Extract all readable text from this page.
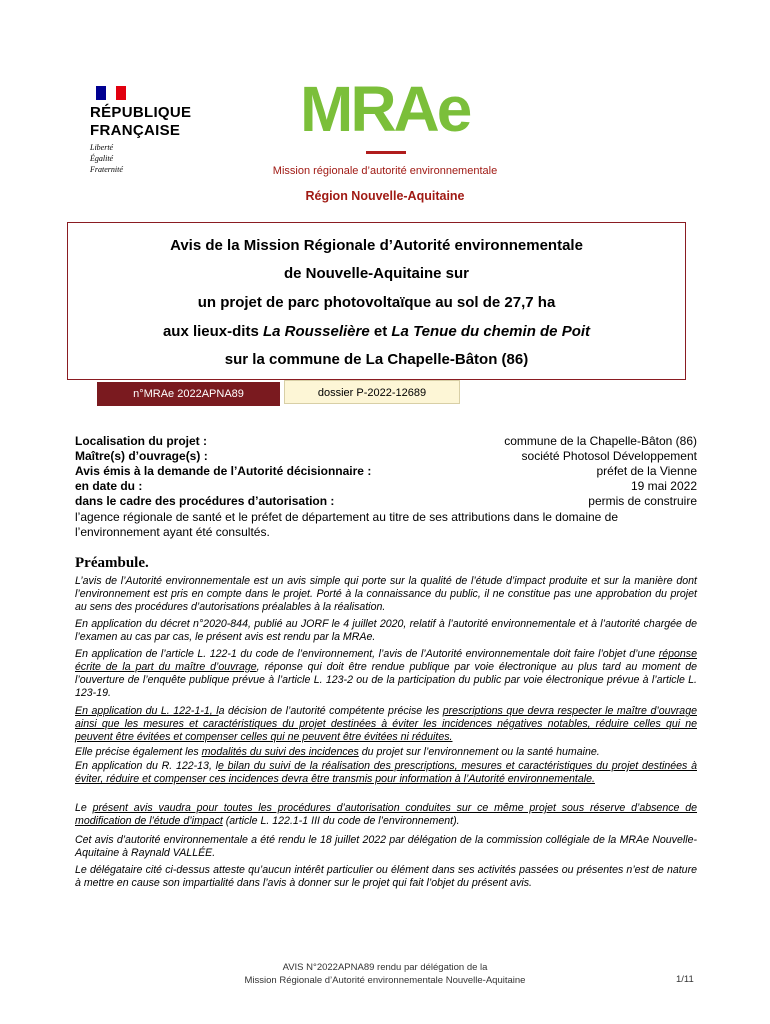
RÉPUBLIQUE
FRANÇAISE
Liberté
Égalité
Fraternité
MRAe
Mission régionale d’autorité environnementale
Région Nouvelle-Aquitaine
Avis de la Mission Régionale d’Autorité environnementale
de Nouvelle-Aquitaine sur
un projet de parc photovoltaïque au sol de 27,7 ha
aux lieux-dits La Rousselière et La Tenue du chemin de Poit
sur la commune de La Chapelle-Bâton (86)
n°MRAe 2022APNA89	dossier P-2022-12689
Localisation du projet :	commune de la Chapelle-Bâton (86)
Maître(s) d’ouvrage(s) :	société Photosol Développement
Avis émis à la demande de l’Autorité décisionnaire :	préfet de la Vienne
en date du :	19 mai 2022
dans le cadre des procédures d’autorisation :	permis de construire
l’agence régionale de santé et le préfet de département au titre de ses attributions dans le domaine de l’environnement ayant été consultés.
Préambule.
L’avis de l’Autorité environnementale est un avis simple qui porte sur la qualité de l’étude d’impact produite et sur la manière dont l’environnement est pris en compte dans le projet. Porté à la connaissance du public, il ne constitue pas une approbation du projet au sens des procédures d’autorisations préalables à la réalisation.
En application du décret n°2020-844, publié au JORF le 4 juillet 2020, relatif à l’autorité environnementale et à l’autorité chargée de l’examen au cas par cas, le présent avis est rendu par la MRAe.
En application de l’article L. 122-1 du code de l’environnement, l’avis de l’Autorité environnementale doit faire l’objet d’une réponse écrite de la part du maître d’ouvrage, réponse qui doit être rendue publique par voie électronique au plus tard au moment de l’ouverture de l’enquête publique prévue à l’article L. 123-2 ou de la participation du public par voie électronique prévue à l’article L. 123-19.
En application du L. 122-1-1, la décision de l’autorité compétente précise les prescriptions que devra respecter le maître d’ouvrage ainsi que les mesures et caractéristiques du projet destinées à éviter les incidences négatives notables, réduire celles qui ne peuvent être évitées et compenser celles qui ne peuvent être évitées ni réduites.
Elle précise également les modalités du suivi des incidences du projet sur l’environnement ou la santé humaine.
En application du R. 122-13, le bilan du suivi de la réalisation des prescriptions, mesures et caractéristiques du projet destinées à éviter, réduire et compenser ces incidences devra être transmis pour information à l’Autorité environnementale.
Le présent avis vaudra pour toutes les procédures d’autorisation conduites sur ce même projet sous réserve d’absence de modification de l’étude d’impact (article L. 122.1-1 III du code de l’environnement).
Cet avis d’autorité environnementale a été rendu le 18 juillet 2022 par délégation de la commission collégiale de la MRAe Nouvelle-Aquitaine à Raynald VALLÉE.
Le délégataire cité ci-dessus atteste qu’aucun intérêt particulier ou élément dans ses activités passées ou présentes n’est de nature à mettre en cause son impartialité dans l’avis à donner sur le projet qui fait l’objet du présent avis.
AVIS N°2022APNA89 rendu par délégation de la
Mission Régionale d’Autorité environnementale Nouvelle-Aquitaine	1/11
